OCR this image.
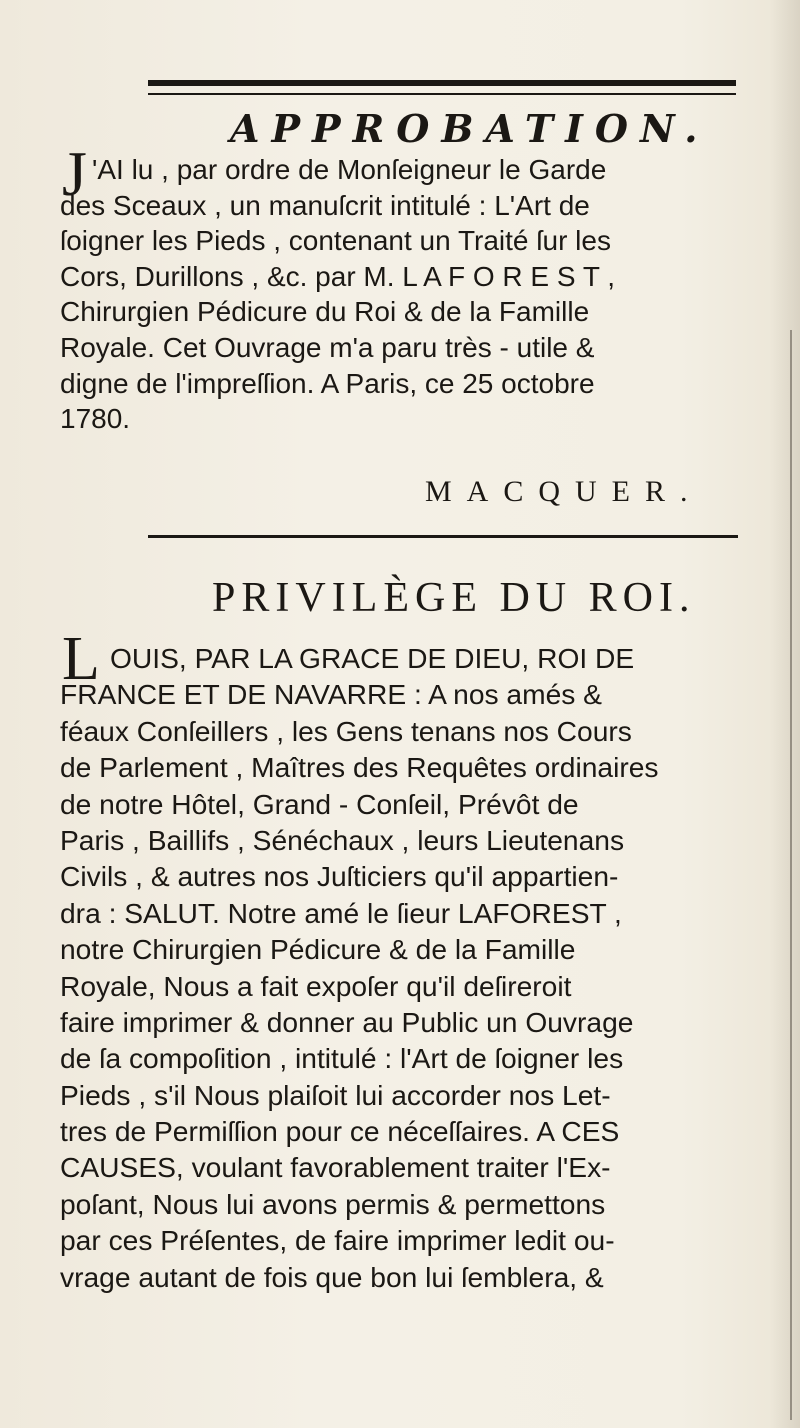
APPROBATION.
J 'AI lu , par ordre de Monſeigneur le Garde
des Sceaux , un manuſcrit intitulé : L'Art de
ſoigner les Pieds , contenant un Traité ſur les
Cors, Durillons , &c. par M. L A F O R E S T ,
Chirurgien Pédicure du Roi & de la Famille
Royale. Cet Ouvrage m'a paru très - utile &
digne de l'impreſſion. A Paris, ce 25 octobre
1780.
MACQUER.
PRIVILÈGE DU ROI.
L OUIS, PAR LA GRACE DE DIEU, ROI DE
FRANCE ET DE NAVARRE : A nos amés &
féaux Conſeillers , les Gens tenans nos Cours
de Parlement , Maîtres des Requêtes ordinaires
de notre Hôtel, Grand - Conſeil, Prévôt de
Paris , Baillifs , Sénéchaux , leurs Lieutenans
Civils , & autres nos Juſticiers qu'il appartien-
dra : SALUT. Notre amé le ſieur LAFOREST ,
notre Chirurgien Pédicure & de la Famille
Royale, Nous a fait expoſer qu'il deſireroit
faire imprimer & donner au Public un Ouvrage
de ſa compoſition , intitulé : l'Art de ſoigner les
Pieds , s'il Nous plaiſoit lui accorder nos Let-
tres de Permiſſion pour ce néceſſaires. A CES
CAUSES, voulant favorablement traiter l'Ex-
poſant, Nous lui avons permis & permettons
par ces Préſentes, de faire imprimer ledit ou-
vrage autant de fois que bon lui ſemblera, &
